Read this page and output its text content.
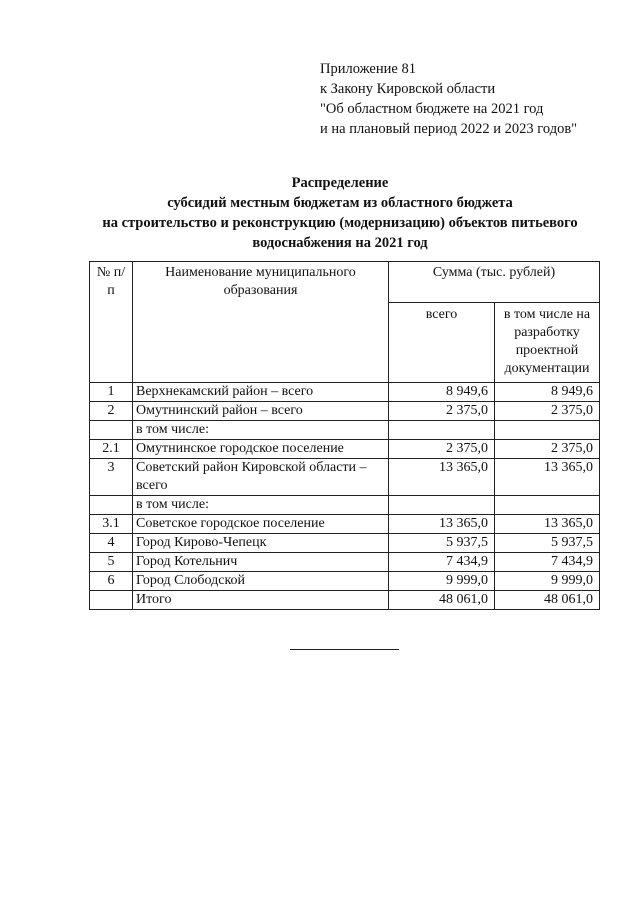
Приложение 81
к Закону Кировской области
"Об областном бюджете на 2021 год
и на плановый период 2022 и 2023 годов"
Распределение
субсидий местным бюджетам из областного бюджета
на строительство и реконструкцию (модернизацию) объектов питьевого
водоснабжения на 2021 год
№ п/п	Наименование муниципального образования	Сумма (тыс. рублей)	
		всего	в том числе на разработку проектной документации
1	Верхнекамский район – всего	8 949,6	8 949,6
2	Омутнинский район – всего	2 375,0	2 375,0
	в том числе:		
2.1	Омутнинское городское поселение	2 375,0	2 375,0
3	Советский район Кировской области – всего	13 365,0	13 365,0
	в том числе:		
3.1	Советское городское поселение	13 365,0	13 365,0
4	Город Кирово-Чепецк	5 937,5	5 937,5
5	Город Котельнич	7 434,9	7 434,9
6	Город Слободской	9 999,0	9 999,0
	Итого	48 061,0	48 061,0
